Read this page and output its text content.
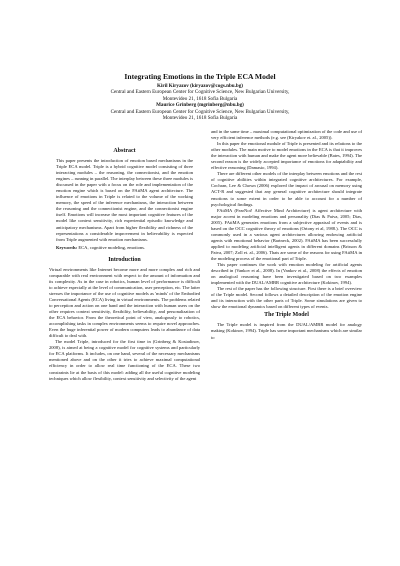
Integrating Emotions in the Triple ECA Model
Kiril Kiryazov (kiryazov@cogs.nbu.bg)
Central and Eastern European Center for Cognitive Science, New Bulgarian University,
Montevideo 21, 1618 Sofia Bulgaria
Maurice Grinberg (mgrinberg@nbu.bg)
Central and Eastern European Center for Cognitive Science, New Bulgarian University,
Montevideo 21, 1618 Sofia Bulgaria
Abstract

This paper presents the introduction of emotion based mechanisms in the Triple ECA model. Triple is a hybrid cognitive model consisting of three interacting modules – the reasoning, the connectionist, and the emotion engines – running in parallel. The interplay between these three modules is discussed in the paper with a focus on the role and implementation of the emotion engine which is based on the FAtiMA agent architecture. The influence of emotions in Triple is related to the volume of the working memory, the speed of the inference mechanisms, the interaction between the reasoning and the connectionist engine, and the connectionist engine itself. Emotions will increase the most important cognitive features of the model like context sensitivity, rich experiential episodic knowledge and anticipatory mechanisms. Apart from higher flexibility and richness of the representations a considerable improvement in believability is expected from Triple augmented with emotion mechanisms.

Keywords: ECA, cognitive modeling, emotions.
Introduction

Virtual environments like Internet become more and more complex and rich and comparable with real environment with respect to the amount of information and its complexity. As in the case in robotics, human level of performance is difficult to achieve especially at the level of communication, user perception, etc. The latter stresses the importance of the use of cognitive models as 'minds' of the Embodied Conversational Agents (ECA) living in virtual environments. The problems related to perception and action on one hand and the interaction with human users on the other requires context sensitivity, flexibility, believability, and personalization of the ECA behavior. From the theoretical point of view, analogously to robotics, accomplishing tasks in complex environments seems to require novel approaches. Even the huge inferential power of modern computers leads to abundance of data difficult to deal with.

The model Triple, introduced for the first time in (Grinberg & Kostadinov, 2008), is aimed at being a cognitive model for cognitive systems and particularly for ECA platforms. It includes, on one hand, several of the necessary mechanisms mentioned above and on the other it tries to achieve maximal computational efficiency in order to allow real time functioning of the ECA. These two constraints lie at the basis of this model: adding all the useful cognitive modeling techniques which allow flexibility, context sensitivity and selectivity of the agent

and in the same time – maximal computational optimization of the code and use of very efficient inference methods (e.g. see (Kiryakov et. al., 2005)).

In this paper the emotional module of Triple is presented and its relations to the other modules. The main motive to model emotions in the ECA is that it improves the interaction with human and make the agent more believable (Bates, 1994). The second reason is the widely accepted importance of emotions for adaptability and effective reasoning (Damasio, 1994).

There are different other models of the interplay between emotions and the rest of cognitive abilities within integrated cognitive architectures. For example, Cochran, Lee & Chown (2006) explored the impact of arousal on memory using ACT-R and suggested that any general cognitive architecture should integrate emotions to some extent in order to be able to account for a number of psychological findings.

FAtiMA (FearNot! Affective Mind Architecture) is agent architecture with major accent in modeling emotions and personality (Dias & Paiva, 2005; Dias, 2005). FAtiMA generates emotions from a subjective appraisal of events and is based on the OCC cognitive theory of emotions (Ortony et al, 1988.). The OCC is commonly used in a various agent architectures allowing endowing artificial agents with emotional behavior (Bartneck, 2002). FAtiMA has been successfully applied to modeling artificial intelligent agents in different domains (Brisson & Paiva, 2007; Zoll et. al., 2006). Thats are some of the reasons for using FAtiMA in the modeling process of the emotional part of Triple.

This paper continues the work with emotion modeling for artificial agents described in (Vankov et al., 2008). In (Vankov et al., 2008) the effects of emotion on analogical reasoning have been investigated based on two examples implemented with the DUAL/AMBR cognitive architecture (Kokinov, 1994).

The rest of the paper has the following structure. First there is a brief overview of the Triple model. Second follows a detailed description of the emotion engine and its interaction with the other parts of Triple. Some simulations are given to show the emotional dynamics based on different types of events.

The Triple Model

The Triple model is inspired from the DUAL/AMBR model for analogy making (Kokinov, 1994). Triple has some important mechanisms which are similar to
